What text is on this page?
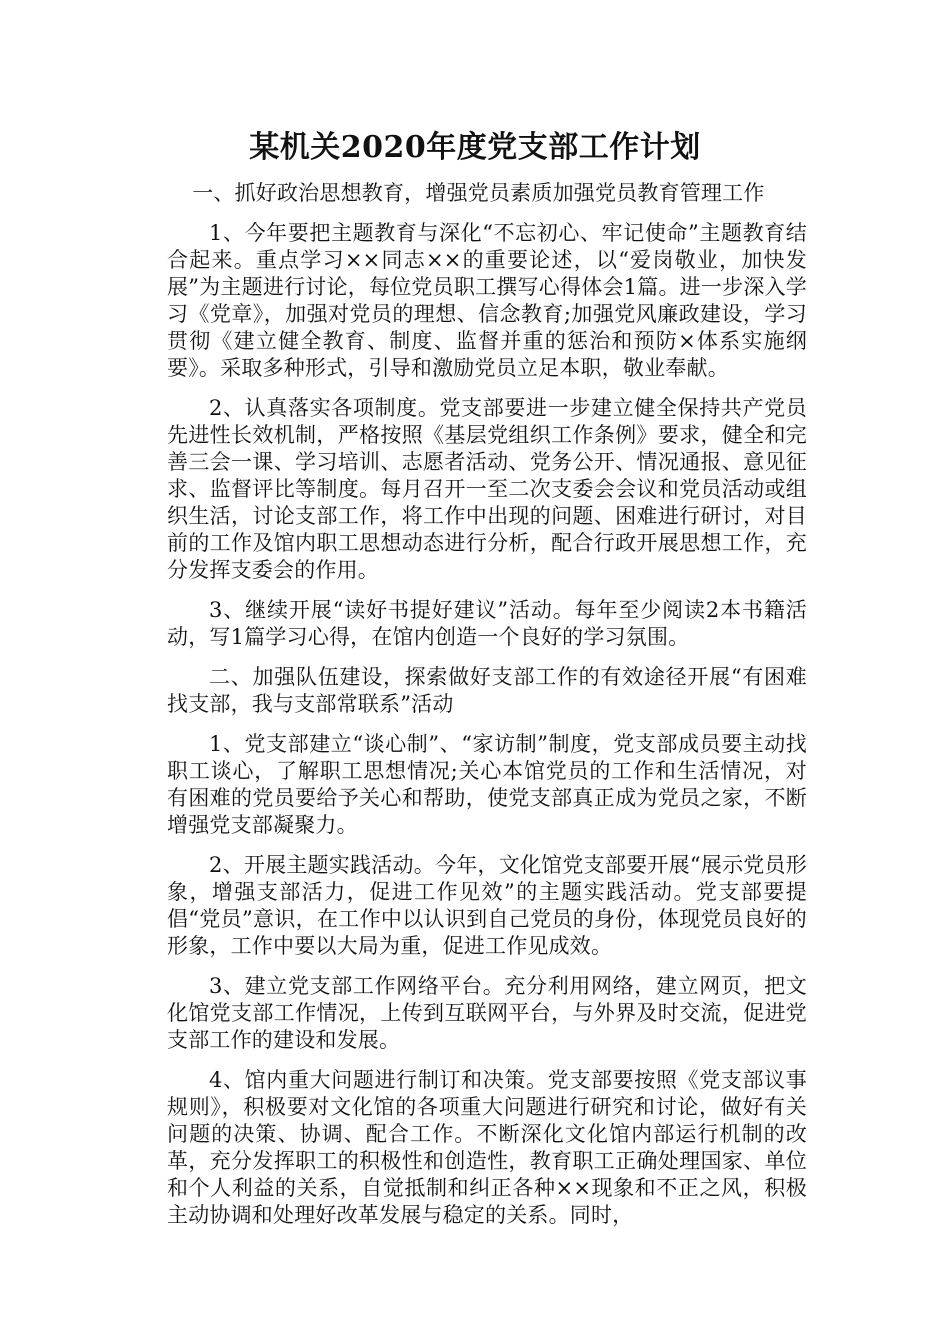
某机关2020年度党支部工作计划

一、抓好政治思想教育，增强党员素质加强党员教育管理工作

1、今年要把主题教育与深化“不忘初心、牢记使命”主题教育结合起来。重点学习××同志××的重要论述，以“爱岗敬业，加快发展”为主题进行讨论，每位党员职工撰写心得体会1篇。进一步深入学习《党章》，加强对党员的理想、信念教育;加强党风廉政建设，学习贯彻《建立健全教育、制度、监督并重的惩治和预防×体系实施纲要》。采取多种形式，引导和激励党员立足本职，敬业奉献。

2、认真落实各项制度。党支部要进一步建立健全保持共产党员先进性长效机制，严格按照《基层党组织工作条例》要求，健全和完善三会一课、学习培训、志愿者活动、党务公开、情况通报、意见征求、监督评比等制度。每月召开一至二次支委会会议和党员活动或组织生活，讨论支部工作，将工作中出现的问题、困难进行研讨，对目前的工作及馆内职工思想动态进行分析，配合行政开展思想工作，充分发挥支委会的作用。

3、继续开展“读好书提好建议”活动。每年至少阅读2本书籍活动，写1篇学习心得，在馆内创造一个良好的学习氛围。

二、加强队伍建设，探索做好支部工作的有效途径开展“有困难找支部，我与支部常联系”活动

1、党支部建立“谈心制”、“家访制”制度，党支部成员要主动找职工谈心，了解职工思想情况;关心本馆党员的工作和生活情况，对有困难的党员要给予关心和帮助，使党支部真正成为党员之家，不断增强党支部凝聚力。

2、开展主题实践活动。今年，文化馆党支部要开展“展示党员形象，增强支部活力，促进工作见效”的主题实践活动。党支部要提倡“党员”意识，在工作中以认识到自己党员的身份，体现党员良好的形象，工作中要以大局为重，促进工作见成效。

3、建立党支部工作网络平台。充分利用网络，建立网页，把文化馆党支部工作情况，上传到互联网平台，与外界及时交流，促进党支部工作的建设和发展。

4、馆内重大问题进行制订和决策。党支部要按照《党支部议事规则》，积极要对文化馆的各项重大问题进行研究和讨论，做好有关问题的决策、协调、配合工作。不断深化文化馆内部运行机制的改革，充分发挥职工的积极性和创造性，教育职工正确处理国家、单位和个人利益的关系，自觉抵制和纠正各种××现象和不正之风，积极主动协调和处理好改革发展与稳定的关系。同时，
